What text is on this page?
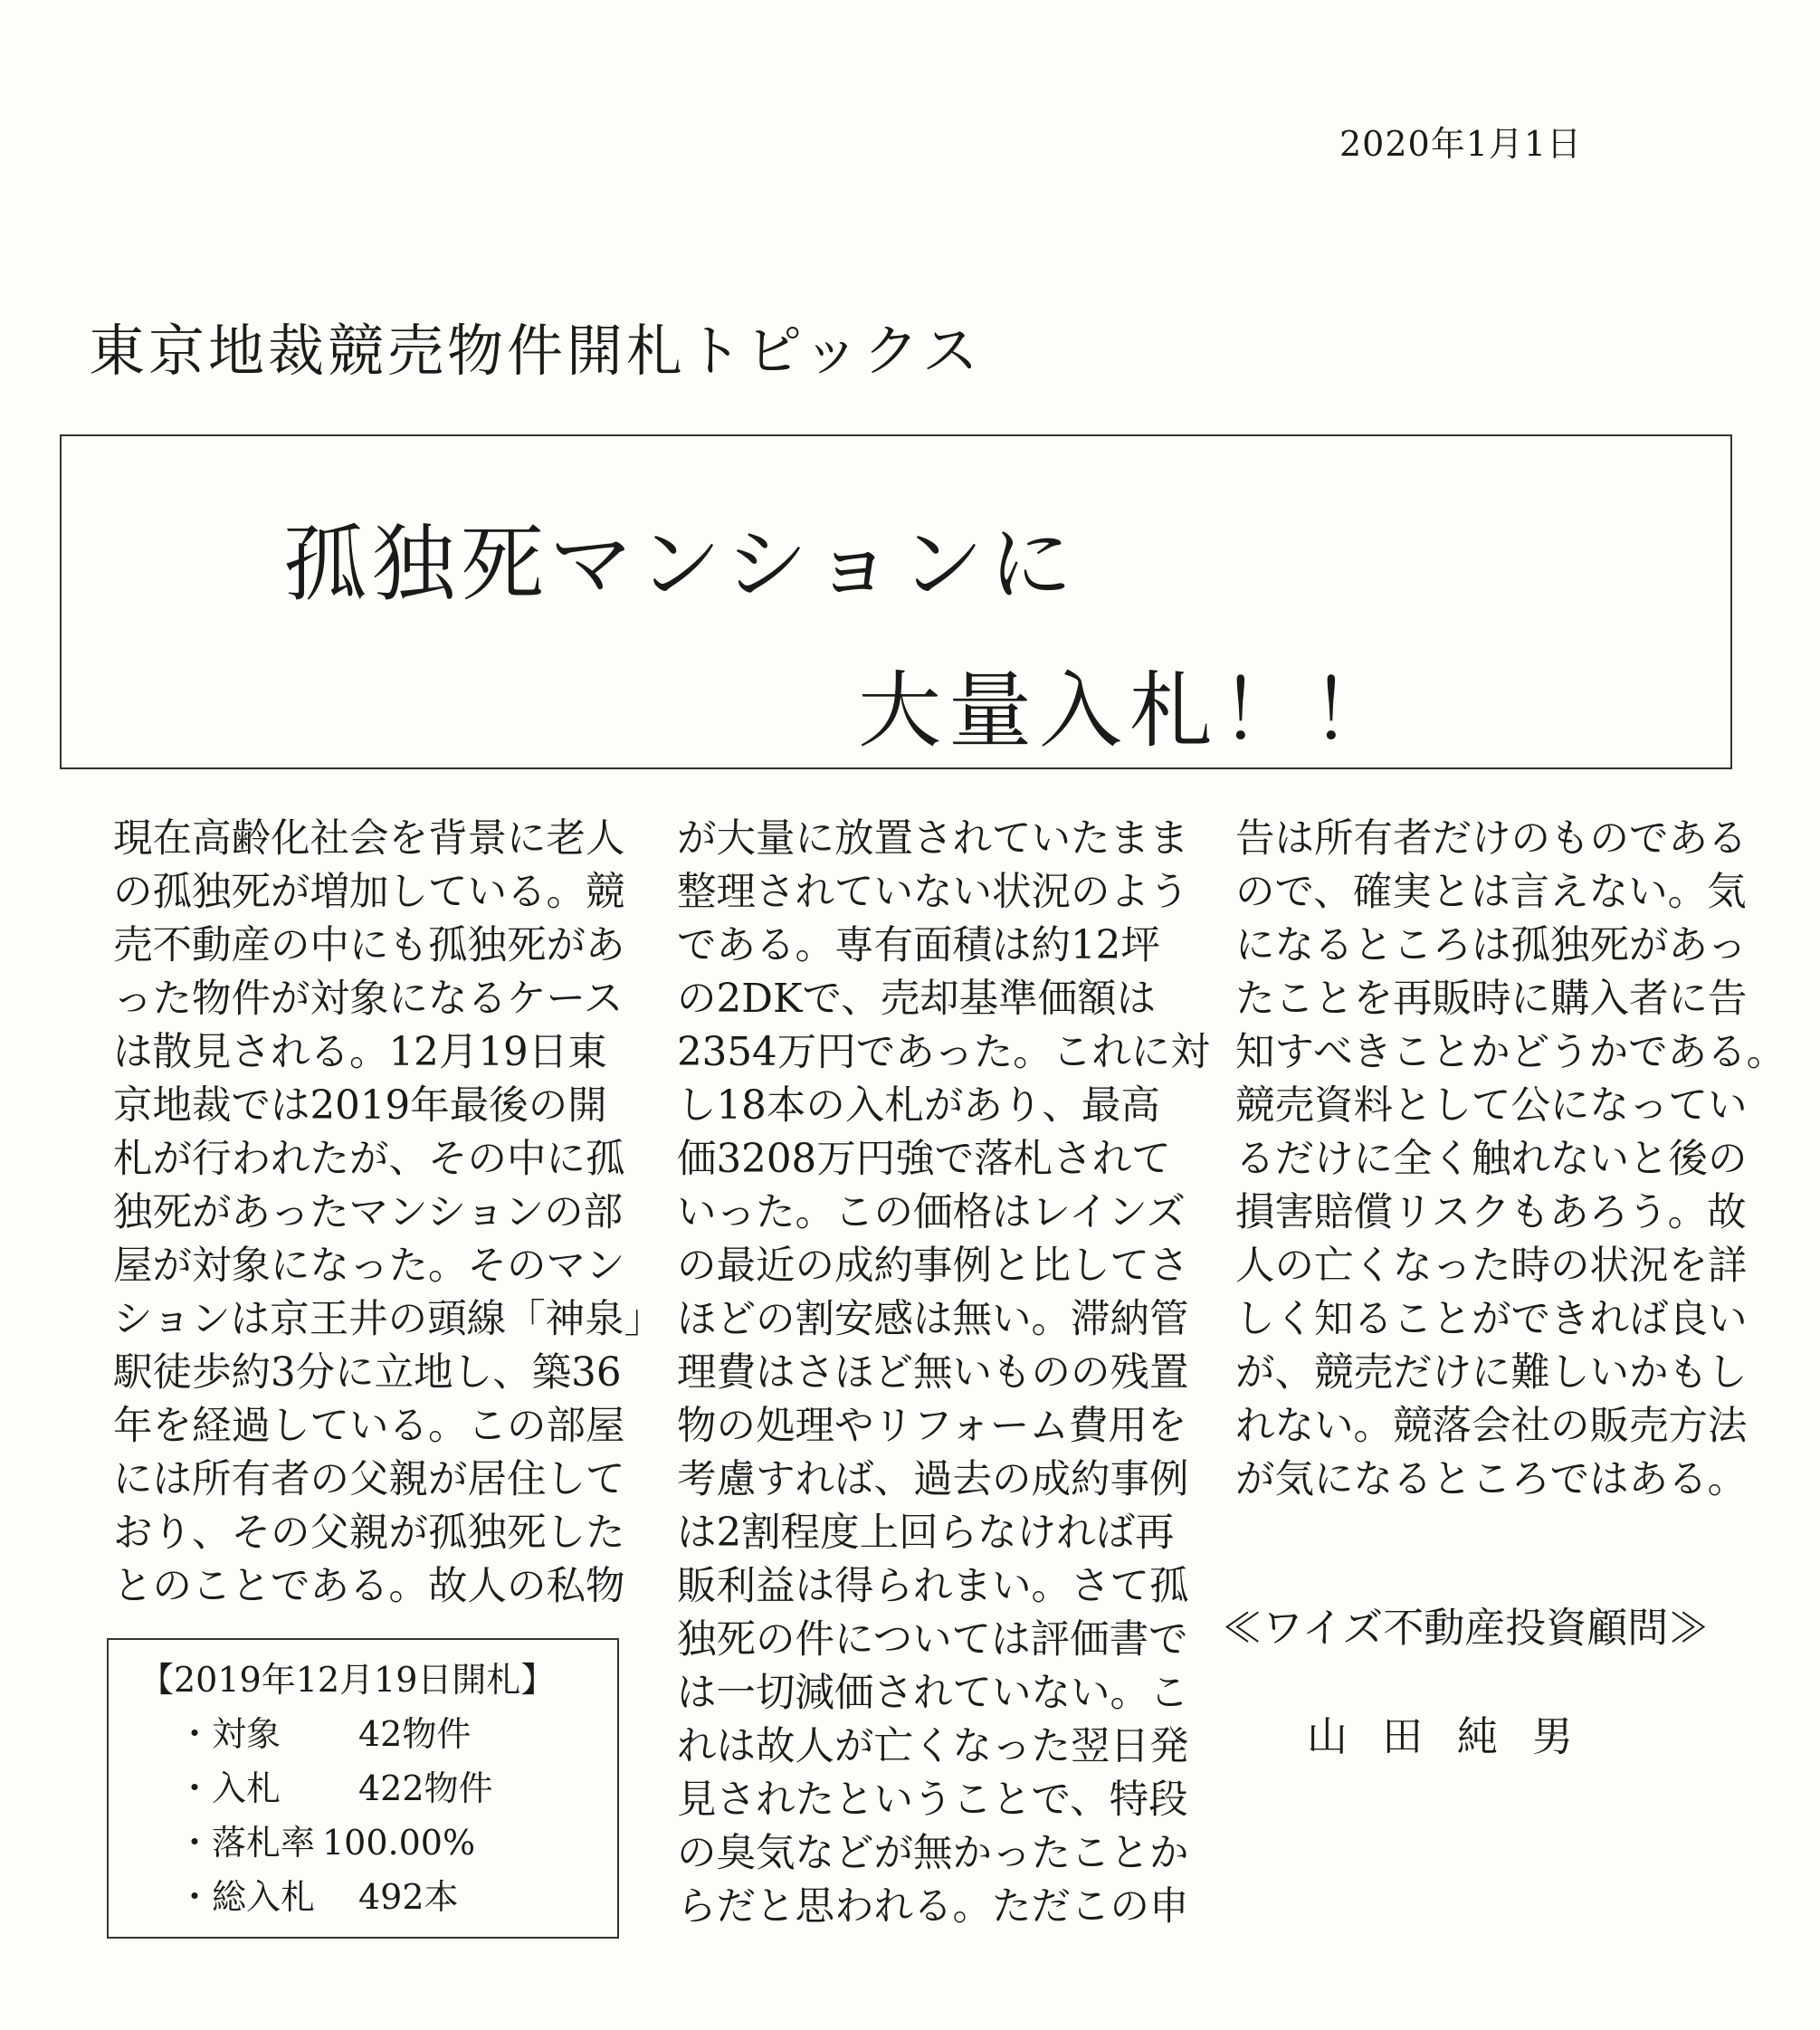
2020年1月1日
東京地裁競売物件開札トピックス
孤独死マンションに
大量入札！！
現在高齢化社会を背景に老人
の孤独死が増加している。競
売不動産の中にも孤独死があ
った物件が対象になるケース
は散見される。12月19日東
京地裁では2019年最後の開
札が行われたが、その中に孤
独死があったマンションの部
屋が対象になった。そのマン
ションは京王井の頭線「神泉」
駅徒歩約3分に立地し、築36
年を経過している。この部屋
には所有者の父親が居住して
おり、その父親が孤独死した
とのことである。故人の私物
が大量に放置されていたまま
整理されていない状況のよう
である。専有面積は約12坪
の2DKで、売却基準価額は
2354万円であった。これに対
し18本の入札があり、最高
価3208万円強で落札されて
いった。この価格はレインズ
の最近の成約事例と比してさ
ほどの割安感は無い。滞納管
理費はさほど無いものの残置
物の処理やリフォーム費用を
考慮すれば、過去の成約事例
は2割程度上回らなければ再
販利益は得られまい。さて孤
独死の件については評価書で
は一切減価されていない。こ
れは故人が亡くなった翌日発
見されたということで、特段
の臭気などが無かったことか
らだと思われる。ただこの申
告は所有者だけのものである
ので、確実とは言えない。気
になるところは孤独死があっ
たことを再販時に購入者に告
知すべきことかどうかである。
競売資料として公になってい
るだけに全く触れないと後の
損害賠償リスクもあろう。故
人の亡くなった時の状況を詳
しく知ることができれば良い
が、競売だけに難しいかもし
れない。競落会社の販売方法
が気になるところではある。
【2019年12月19日開札】
・対象 42物件
・入札 422物件
・落札率 100.00%
・総入札 492本
≪ワイズ不動産投資顧問≫
山田純男
